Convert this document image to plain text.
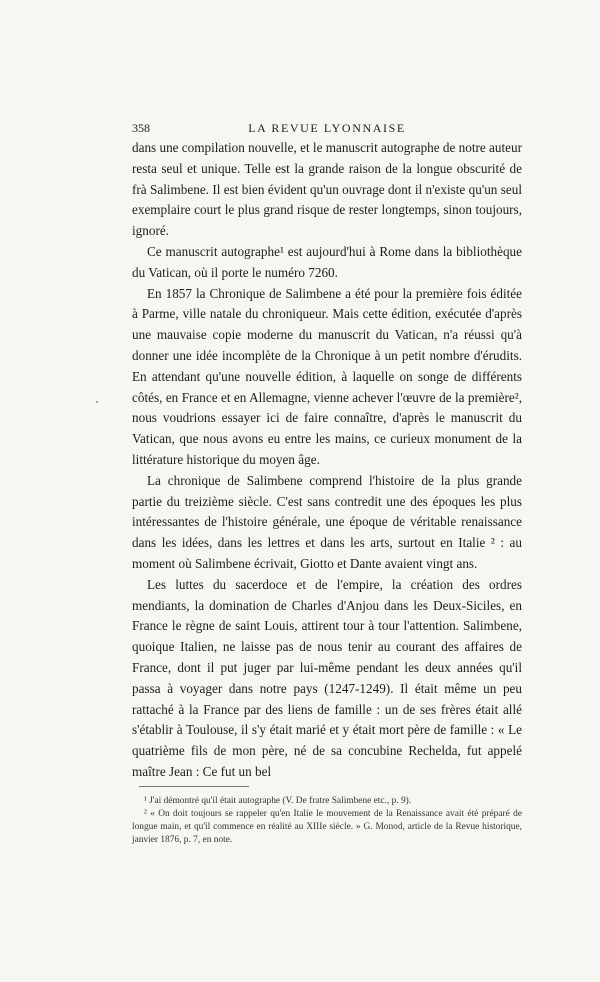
358	LA REVUE LYONNAISE

dans une compilation nouvelle, et le manuscrit autographe de notre auteur resta seul et unique. Telle est la grande raison de la longue obscurité de frà Salimbene. Il est bien évident qu'un ouvrage dont il n'existe qu'un seul exemplaire court le plus grand risque de rester longtemps, sinon toujours, ignoré.

Ce manuscrit autographe¹ est aujourd'hui à Rome dans la bibliothèque du Vatican, où il porte le numéro 7260.

En 1857 la Chronique de Salimbene a été pour la première fois éditée à Parme, ville natale du chroniqueur. Mais cette édition, exécutée d'après une mauvaise copie moderne du manuscrit du Vatican, n'a réussi qu'à donner une idée incomplète de la Chronique à un petit nombre d'érudits. En attendant qu'une nouvelle édition, à laquelle on songe de différents côtés, en France et en Allemagne, vienne achever l'œuvre de la première², nous voudrions essayer ici de faire connaître, d'après le manuscrit du Vatican, que nous avons eu entre les mains, ce curieux monument de la littérature historique du moyen âge.

La chronique de Salimbene comprend l'histoire de la plus grande partie du treizième siècle. C'est sans contredit une des époques les plus intéressantes de l'histoire générale, une époque de véritable renaissance dans les idées, dans les lettres et dans les arts, surtout en Italie ² : au moment où Salimbene écrivait, Giotto et Dante avaient vingt ans.

Les luttes du sacerdoce et de l'empire, la création des ordres mendiants, la domination de Charles d'Anjou dans les Deux-Siciles, en France le règne de saint Louis, attirent tour à tour l'attention. Salimbene, quoique Italien, ne laisse pas de nous tenir au courant des affaires de France, dont il put juger par lui-même pendant les deux années qu'il passa à voyager dans notre pays (1247-1249). Il était même un peu rattaché à la France par des liens de famille : un de ses frères était allé s'établir à Toulouse, il s'y était marié et y était mort père de famille : « Le quatrième fils de mon père, né de sa concubine Rechelda, fut appelé maître Jean : Ce fut un bel

¹ J'ai démontré qu'il était autographe (V. De fratre Salimbene etc., p. 9).

² « On doit toujours se rappeler qu'en Italie le mouvement de la Renaissance avait été préparé de longue main, et qu'il commence en réalité au XIIIe siècle. » G. Monod, article de la Revue historique, janvier 1876, p. 7, en note.
